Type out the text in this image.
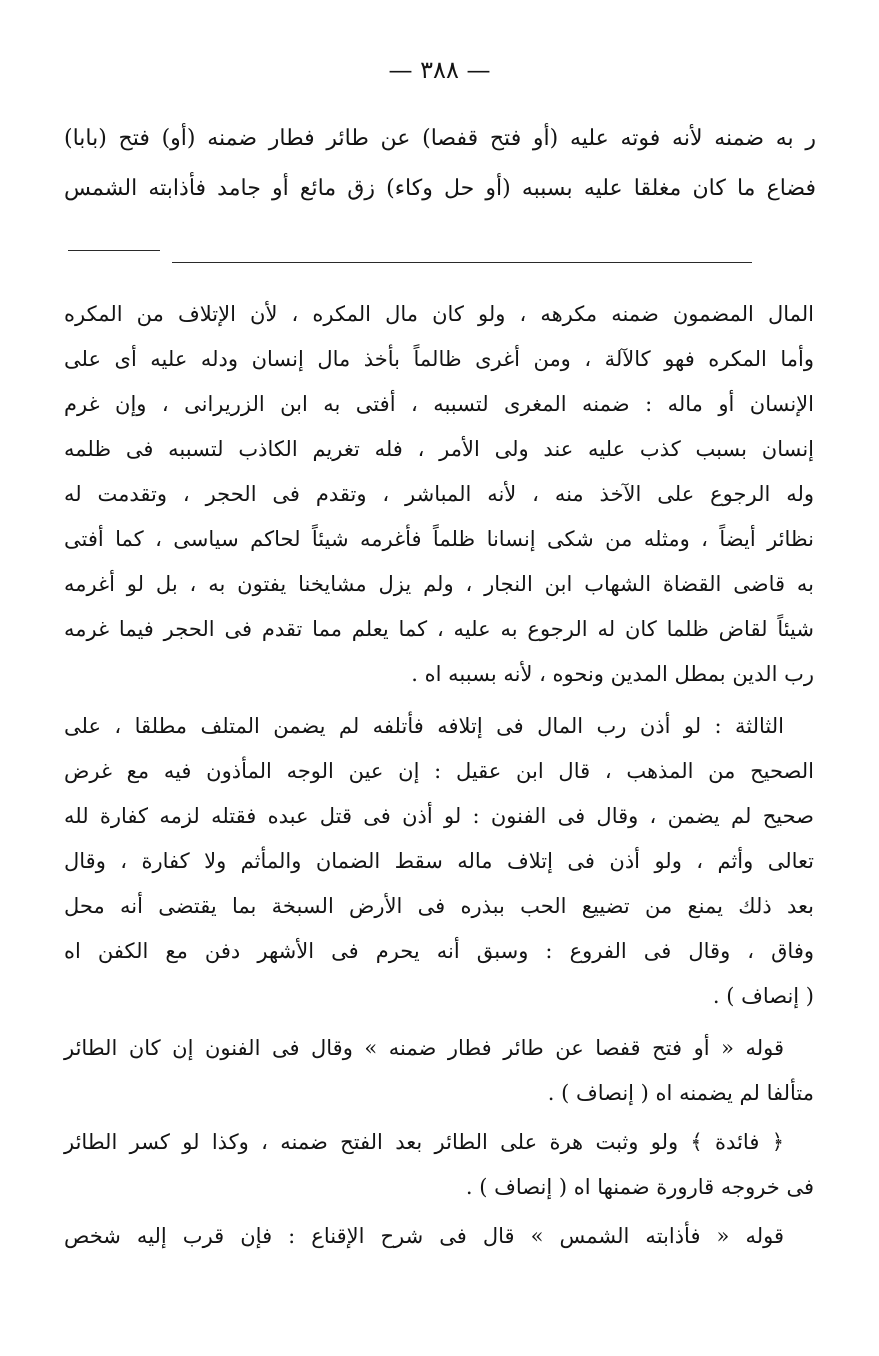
— ٣٨٨ —
ر به ضمنه لأنه فوته عليه (أو فتح قفصا) عن طائر فطار ضمنه (أو) فتح (بابا)
فضاع ما كان مغلقا عليه بسببه (أو حل وكاء) زق مائع أو جامد فأذابته الشمس
المال المضمون ضمنه مكرهه ، ولو كان مال المكره ، لأن الإتلاف من المكره
وأما المكره فهو كالآلة ، ومن أغرى ظالماً بأخذ مال إنسان ودله عليه أى على
الإنسان أو ماله : ضمنه المغرى لتسببه ، أفتى به ابن الزريرانى ، وإن غرم
إنسان بسبب كذب عليه عند ولى الأمر ، فله تغريم الكاذب لتسببه فى ظلمه
وله الرجوع على الآخذ منه ، لأنه المباشر ، وتقدم فى الحجر ، وتقدمت له
نظائر أيضاً ، ومثله من شكى إنسانا ظلماً فأغرمه شيئاً لحاكم سياسى ، كما أفتى
به قاضى القضاة الشهاب ابن النجار ، ولم يزل مشايخنا يفتون به ، بل لو أغرمه
شيئاً لقاض ظلما كان له الرجوع به عليه ، كما يعلم مما تقدم فى الحجر فيما غرمه
رب الدين بمطل المدين ونحوه ، لأنه بسببه اه .
الثالثة : لو أذن رب المال فى إتلافه فأتلفه لم يضمن المتلف مطلقا ، على
الصحيح من المذهب ، قال ابن عقيل : إن عين الوجه المأذون فيه مع غرض
صحيح لم يضمن ، وقال فى الفنون : لو أذن فى قتل عبده فقتله لزمه كفارة لله
تعالى وأثم ، ولو أذن فى إتلاف ماله سقط الضمان والمأثم ولا كفارة ، وقال
بعد ذلك يمنع من تضييع الحب ببذره فى الأرض السبخة بما يقتضى أنه محل
وفاق ، وقال فى الفروع : وسبق أنه يحرم فى الأشهر دفن مع الكفن اه
( إنصاف ) .
قوله « أو فتح قفصا عن طائر فطار ضمنه » وقال فى الفنون إن كان الطائر
متألفا لم يضمنه اه ( إنصاف ) .
﴿ فائدة ﴾ ولو وثبت هرة على الطائر بعد الفتح ضمنه ، وكذا لو كسر الطائر
فى خروجه قارورة ضمنها اه ( إنصاف ) .
قوله « فأذابته الشمس » قال فى شرح الإقناع : فإن قرب إليه شخص
